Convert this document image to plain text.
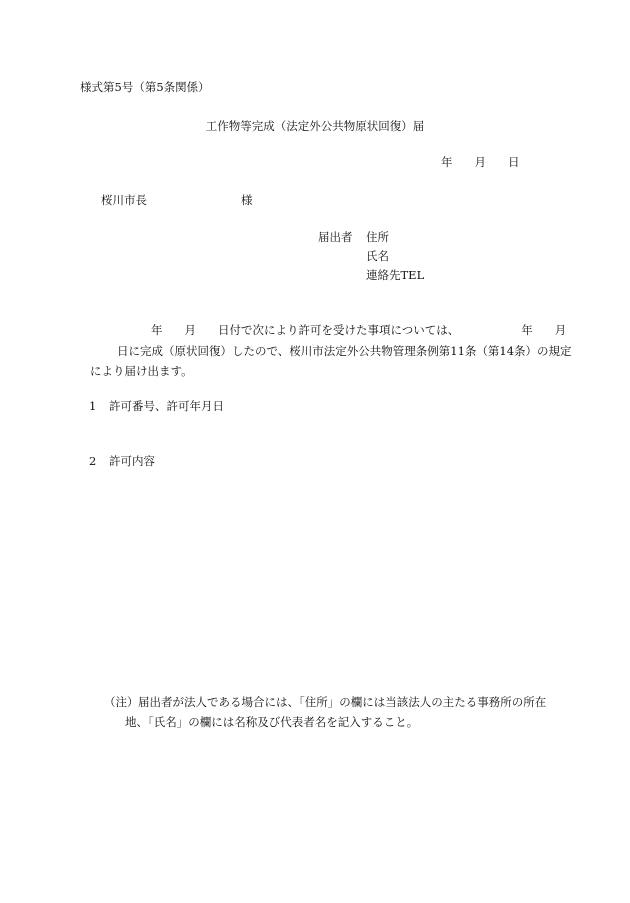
様式第5号（第5条関係）
工作物等完成（法定外公共物原状回復）届
年 月 日
桜川市長	様
届出者 住所
氏名
連絡先TEL
年 月 日付で次により許可を受けた事項については、	年 月
日に完成（原状回復）したので、桜川市法定外公共物管理条例第11条（第14条）の規定
により届け出ます。
1 許可番号、許可年月日
2 許可内容
（注）届出者が法人である場合には、「住所」の欄には当該法人の主たる事務所の所在
地、「氏名」の欄には名称及び代表者名を記入すること。
